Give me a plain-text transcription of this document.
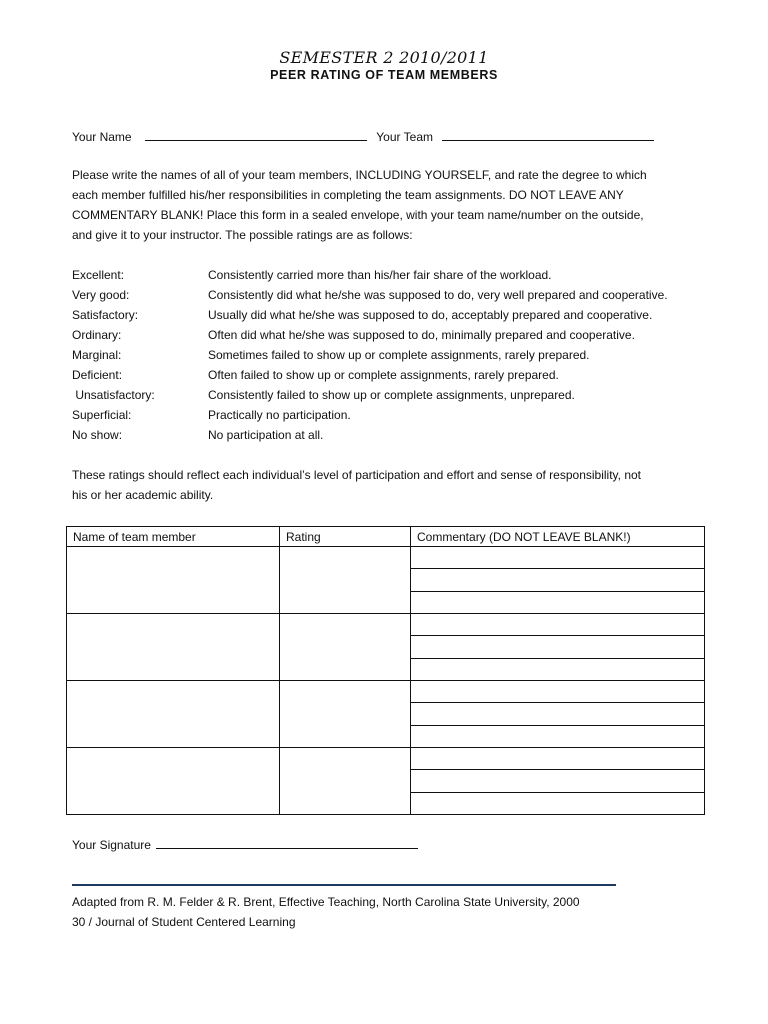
SEMESTER 2 2010/2011
PEER RATING OF TEAM MEMBERS
Your Name	Your Team
Please write the names of all of your team members, INCLUDING YOURSELF, and rate the degree to which
each member fulfilled his/her responsibilities in completing the team assignments. DO NOT LEAVE ANY
COMMENTARY BLANK! Place this form in a sealed envelope, with your team name/number on the outside,
and give it to your instructor. The possible ratings are as follows:
Excellent:	Consistently carried more than his/her fair share of the workload.
Very good:	Consistently did what he/she was supposed to do, very well prepared and cooperative.
Satisfactory:	Usually did what he/she was supposed to do, acceptably prepared and cooperative.
Ordinary:	Often did what he/she was supposed to do, minimally prepared and cooperative.
Marginal:	Sometimes failed to show up or complete assignments, rarely prepared.
Deficient:	Often failed to show up or complete assignments, rarely prepared.
Unsatisfactory:	Consistently failed to show up or complete assignments, unprepared.
Superficial:	Practically no participation.
No show:	No participation at all.
These ratings should reflect each individual’s level of participation and effort and sense of responsibility, not
his or her academic ability.
Name of team member	Rating	Commentary (DO NOT LEAVE BLANK!)

Your Signature
Adapted from R. M. Felder & R. Brent, Effective Teaching, North Carolina State University, 2000
30 / Journal of Student Centered Learning
